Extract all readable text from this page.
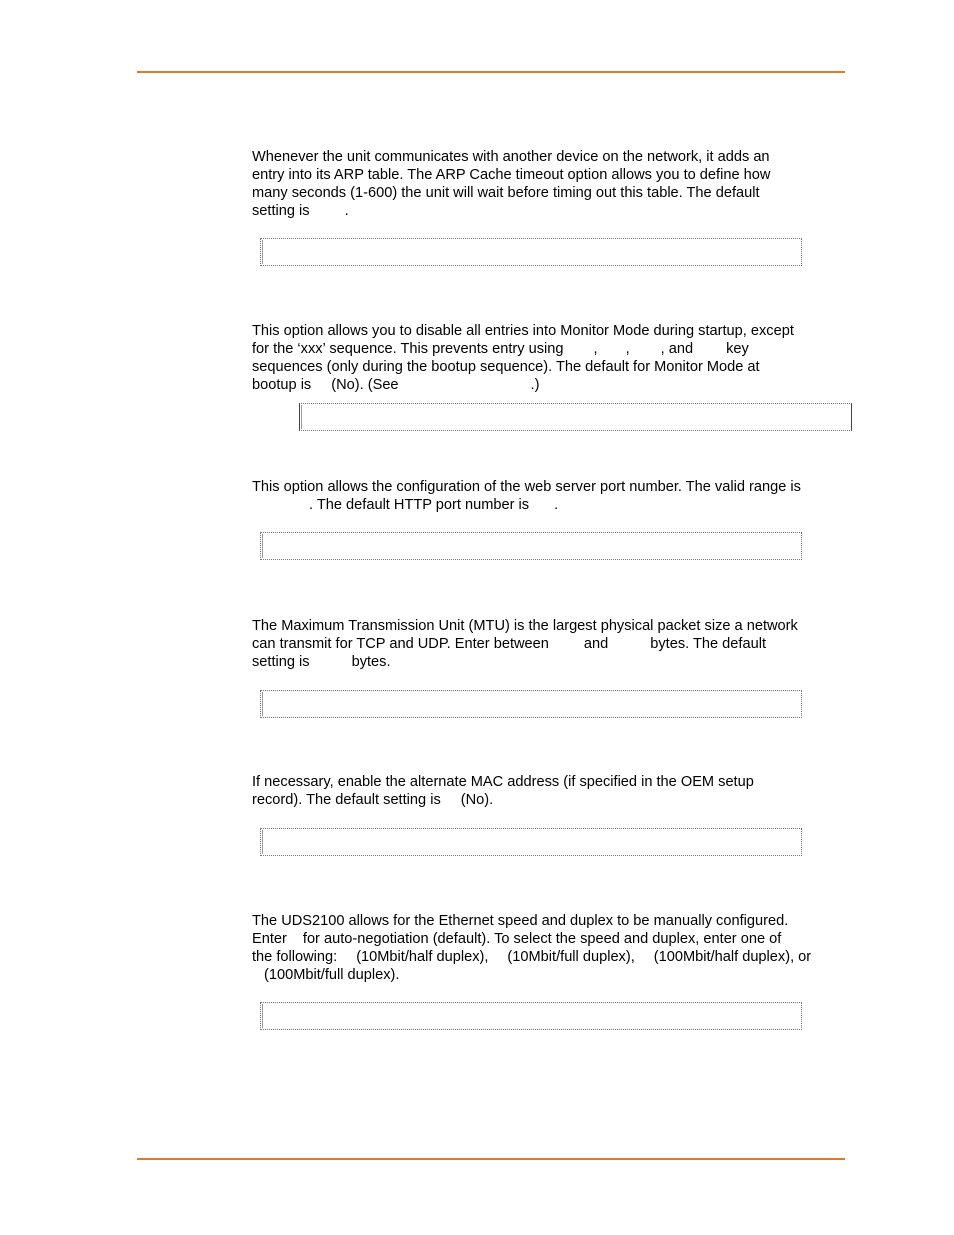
Whenever the unit communicates with another device on the network, it adds an
entry into its ARP table. The ARP Cache timeout option allows you to define how
many seconds (1-600) the unit will wait before timing out this table. The default
setting is .
This option allows you to disable all entries into Monitor Mode during startup, except
for the ‘xxx’ sequence. This prevents entry using , , , and key
sequences (only during the bootup sequence). The default for Monitor Mode at
bootup is (No). (See	.)
This option allows the configuration of the web server port number. The valid range is
. The default HTTP port number is .
The Maximum Transmission Unit (MTU) is the largest physical packet size a network
can transmit for TCP and UDP. Enter between and	bytes. The default
setting is	bytes.
If necessary, enable the alternate MAC address (if specified in the OEM setup
record). The default setting is (No).
The UDS2100 allows for the Ethernet speed and duplex to be manually configured.
Enter for auto-negotiation (default). To select the speed and duplex, enter one of
the following: (10Mbit/half duplex), (10Mbit/full duplex), (100Mbit/half duplex), or
(100Mbit/full duplex).
